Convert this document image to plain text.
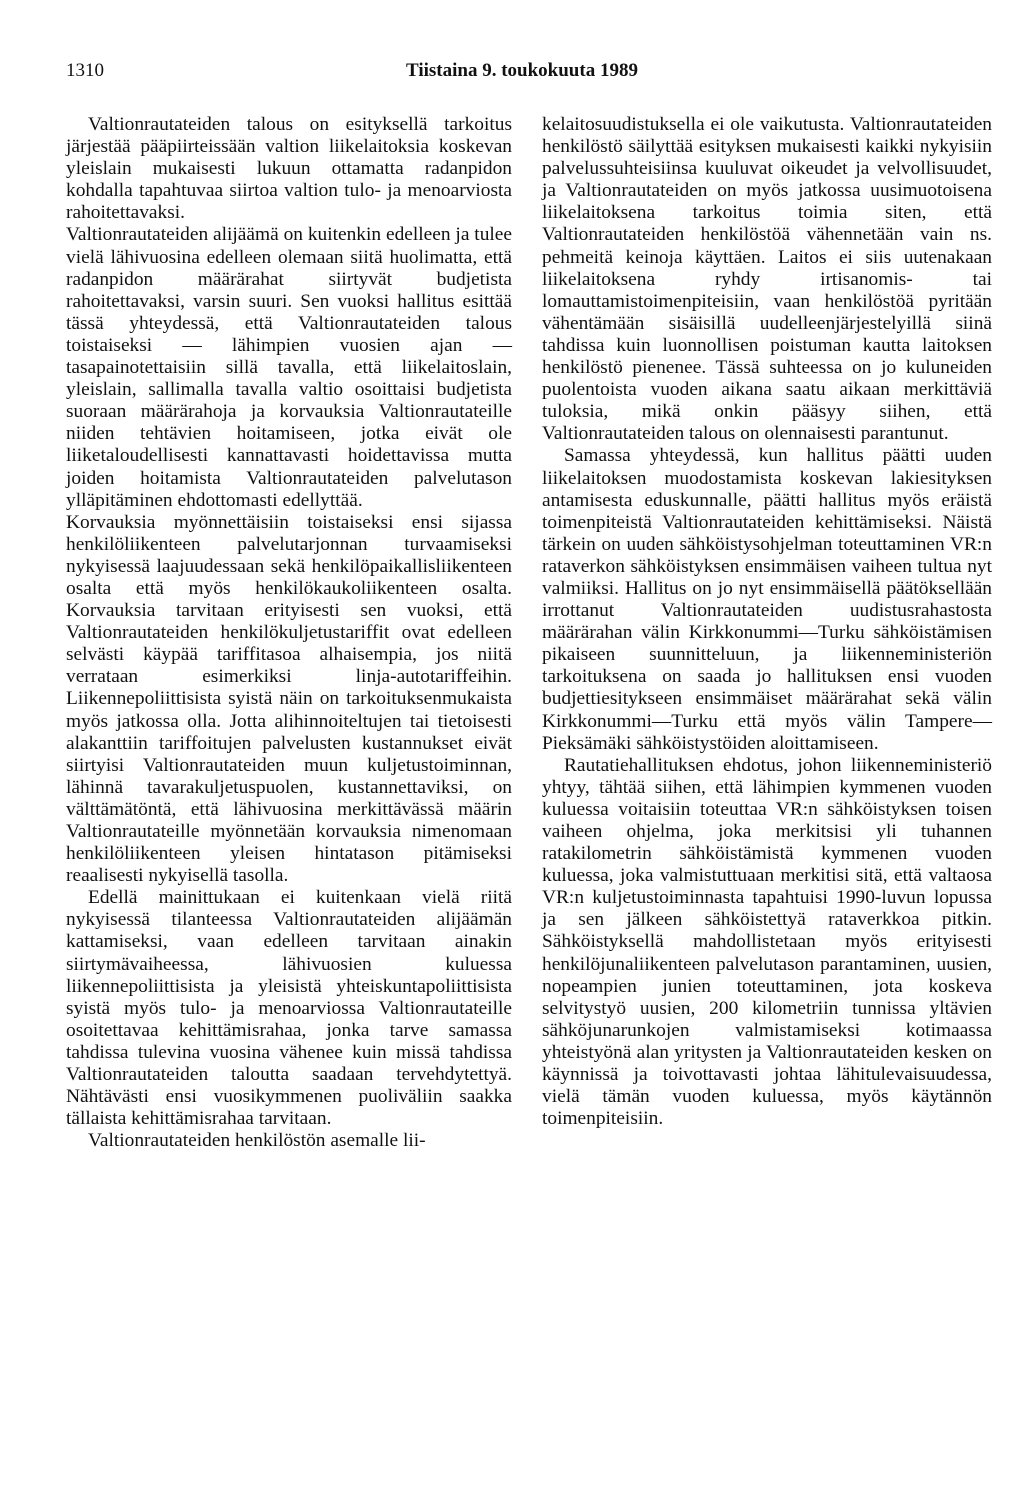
1310	Tiistaina 9. toukokuuta 1989

Valtionrautateiden talous on esityksellä tarkoitus järjestää pääpiirteissään valtion liikelaitoksia koskevan yleislain mukaisesti lukuun ottamatta radanpidon kohdalla tapahtuvaa siirtoa valtion tulo- ja menoarviosta rahoitettavaksi.

Valtionrautateiden alijäämä on kuitenkin edelleen ja tulee vielä lähivuosina edelleen olemaan siitä huolimatta, että radanpidon määrärahat siirtyvät budjetista rahoitettavaksi, varsin suuri. Sen vuoksi hallitus esittää tässä yhteydessä, että Valtionrautateiden talous toistaiseksi — lähimpien vuosien ajan — tasapainotettaisiin sillä tavalla, että liikelaitoslain, yleislain, sallimalla tavalla valtio osoittaisi budjetista suoraan määrärahoja ja korvauksia Valtionrautateille niiden tehtävien hoitamiseen, jotka eivät ole liiketaloudellisesti kannattavasti hoidettavissa mutta joiden hoitamista Valtionrautateiden palvelutason ylläpitäminen ehdottomasti edellyttää.

Korvauksia myönnettäisiin toistaiseksi ensi sijassa henkilöliikenteen palvelutarjonnan turvaamiseksi nykyisessä laajuudessaan sekä henkilöpaikallisliikenteen osalta että myös henkilökaukoliikenteen osalta. Korvauksia tarvitaan erityisesti sen vuoksi, että Valtionrautateiden henkilökuljetustariffit ovat edelleen selvästi käypää tariffitasoa alhaisempia, jos niitä verrataan esimerkiksi linja-autotariffeihin. Liikennepoliittisista syistä näin on tarkoituksenmukaista myös jatkossa olla. Jotta alihinnoiteltujen tai tietoisesti alakanttiin tariffoitujen palvelusten kustannukset eivät siirtyisi Valtionrautateiden muun kuljetustoiminnan, lähinnä tavarakuljetuspuolen, kustannettaviksi, on välttämätöntä, että lähivuosina merkittävässä määrin Valtionrautateille myönnetään korvauksia nimenomaan henkilöliikenteen yleisen hintatason pitämiseksi reaalisesti nykyisellä tasolla.

Edellä mainittukaan ei kuitenkaan vielä riitä nykyisessä tilanteessa Valtionrautateiden alijäämän kattamiseksi, vaan edelleen tarvitaan ainakin siirtymävaiheessa, lähivuosien kuluessa liikennepoliittisista ja yleisistä yhteiskuntapoliittisista syistä myös tulo- ja menoarviossa Valtionrautateille osoitettavaa kehittämisrahaa, jonka tarve samassa tahdissa tulevina vuosina vähenee kuin missä tahdissa Valtionrautateiden taloutta saadaan tervehdytettyä. Nähtävästi ensi vuosikymmenen puoliväliin saakka tällaista kehittämisrahaa tarvitaan.

Valtionrautateiden henkilöstön asemalle lii-

kelaitosuudistuksella ei ole vaikutusta. Valtionrautateiden henkilöstö säilyttää esityksen mukaisesti kaikki nykyisiin palvelussuhteisiinsa kuuluvat oikeudet ja velvollisuudet, ja Valtionrautateiden on myös jatkossa uusimuotoisena liikelaitoksena tarkoitus toimia siten, että Valtionrautateiden henkilöstöä vähennetään vain ns. pehmeitä keinoja käyttäen. Laitos ei siis uutenakaan liikelaitoksena ryhdy irtisanomis- tai lomauttamistoimenpiteisiin, vaan henkilöstöä pyritään vähentämään sisäisillä uudelleenjärjestelyillä siinä tahdissa kuin luonnollisen poistuman kautta laitoksen henkilöstö pienenee. Tässä suhteessa on jo kuluneiden puolentoista vuoden aikana saatu aikaan merkittäviä tuloksia, mikä onkin pääsyy siihen, että Valtionrautateiden talous on olennaisesti parantunut.

Samassa yhteydessä, kun hallitus päätti uuden liikelaitoksen muodostamista koskevan lakiesityksen antamisesta eduskunnalle, päätti hallitus myös eräistä toimenpiteistä Valtionrautateiden kehittämiseksi. Näistä tärkein on uuden sähköistysohjelman toteuttaminen VR:n rataverkon sähköistyksen ensimmäisen vaiheen tultua nyt valmiiksi. Hallitus on jo nyt ensimmäisellä päätöksellään irrottanut Valtionrautateiden uudistusrahastosta määrärahan välin Kirkkonummi—Turku sähköistämisen pikaiseen suunnitteluun, ja liikenneministeriön tarkoituksena on saada jo hallituksen ensi vuoden budjettiesitykseen ensimmäiset määrärahat sekä välin Kirkkonummi—Turku että myös välin Tampere—Pieksämäki sähköistystöiden aloittamiseen.

Rautatiehallituksen ehdotus, johon liikenneministeriö yhtyy, tähtää siihen, että lähimpien kymmenen vuoden kuluessa voitaisiin toteuttaa VR:n sähköistyksen toisen vaiheen ohjelma, joka merkitsisi yli tuhannen ratakilometrin sähköistämistä kymmenen vuoden kuluessa, joka valmistuttuaan merkitisi sitä, että valtaosa VR:n kuljetustoiminnasta tapahtuisi 1990-luvun lopussa ja sen jälkeen sähköistettyä rataverkkoa pitkin. Sähköistyksellä mahdollistetaan myös erityisesti henkilöjunaliikenteen palvelutason parantaminen, uusien, nopeampien junien toteuttaminen, jota koskeva selvitystyö uusien, 200 kilometriin tunnissa yltävien sähköjunarunkojen valmistamiseksi kotimaassa yhteistyönä alan yritysten ja Valtionrautateiden kesken on käynnissä ja toivottavasti johtaa lähitulevaisuudessa, vielä tämän vuoden kuluessa, myös käytännön toimenpiteisiin.
